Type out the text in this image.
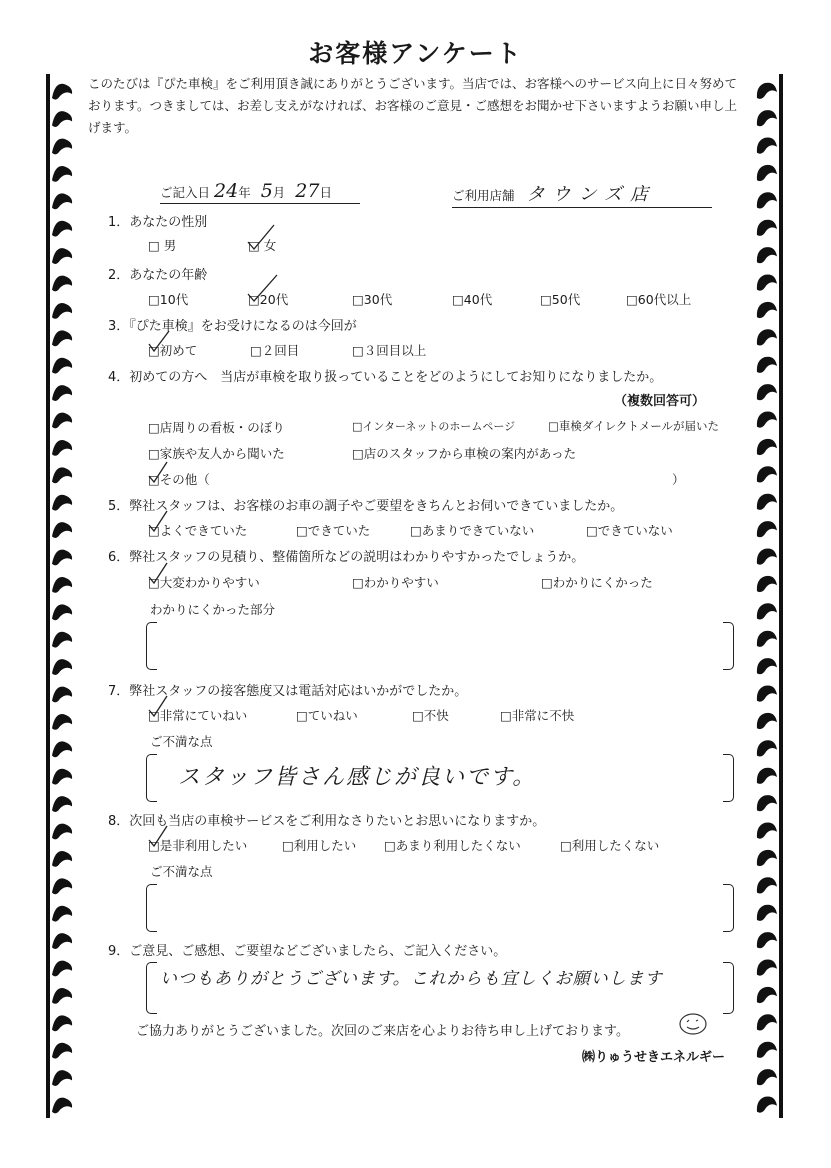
お客様アンケート
このたびは『ぴた車検』をご利用頂き誠にありがとうございます。当店では、お客様へのサービス向上に日々努めております。つきましては、お差し支えがなければ、お客様のご意見・ご感想をお聞かせ下さいますようお願い申し上げます。
ご記入日 24年 5月 27日	ご利用店舗 タウンズ店
1．あなたの性別
□ 男	□ 女
2．あなたの年齢
□10代	□20代	□30代	□40代	□50代	□60代以上
3．『ぴた車検』をお受けになるのは今回が
□初めて	□２回目	□３回目以上
4．初めての方へ　当店が車検を取り扱っていることをどのようにしてお知りになりましたか。
（複数回答可）
□店周りの看板・のぼり	□インターネットのホームページ	□車検ダイレクトメールが届いた
□家族や友人から聞いた	□店のスタッフから車検の案内があった
□その他（	）
5．弊社スタッフは、お客様のお車の調子やご要望をきちんとお伺いできていましたか。
□よくできていた	□できていた	□あまりできていない	□できていない
6．弊社スタッフの見積り、整備箇所などの説明はわかりやすかったでしょうか。
□大変わかりやすい	□わかりやすい	□わかりにくかった
わかりにくかった部分
7．弊社スタッフの接客態度又は電話対応はいかがでしたか。
□非常にていねい	□ていねい	□不快	□非常に不快
ご不満な点
スタッフ皆さん感じが良いです。
8．次回も当店の車検サービスをご利用なさりたいとお思いになりますか。
□是非利用したい	□利用したい □あまり利用したくない	□利用したくない
ご不満な点
9．ご意見、ご感想、ご要望などございましたら、ご記入ください。
いつもありがとうございます。これからも宜しくお願いします
ご協力ありがとうございました。次回のご来店を心よりお待ち申し上げております。
㈱りゅうせきエネルギー
